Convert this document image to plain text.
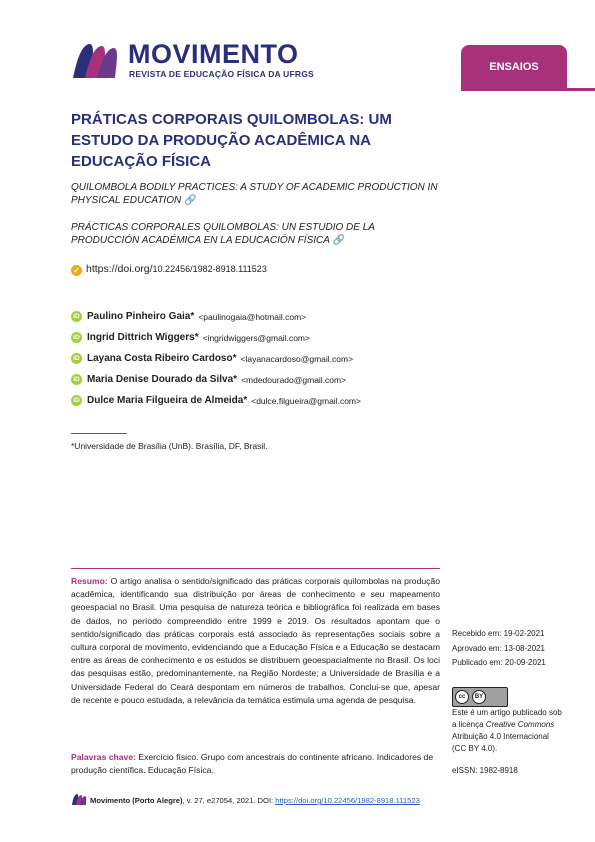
MOVIMENTO
REVISTA DE EDUCAÇÃO FÍSICA DA UFRGS
ENSAIOS
PRÁTICAS CORPORAIS QUILOMBOLAS: UM ESTUDO DA PRODUÇÃO ACADÊMICA NA EDUCAÇÃO FÍSICA
QUILOMBOLA BODILY PRACTICES: A STUDY OF ACADEMIC PRODUCTION IN PHYSICAL EDUCATION 🔗
PRÁCTICAS CORPORALES QUILOMBOLAS: UN ESTUDIO DE LA PRODUCCIÓN ACADÉMICA EN LA EDUCACIÓN FÍSICA 🔗
✓ https://doi.org/10.22456/1982-8918.111523
iD Paulino Pinheiro Gaia* <paulinogaia@hotmail.com>
iD Ingrid Dittrich Wiggers* <ingridwiggers@gmail.com>
iD Layana Costa Ribeiro Cardoso* <layanacardoso@gmail.com>
iD Maria Denise Dourado da Silva* <mdedourado@gmail.com>
iD Dulce Maria Filgueira de Almeida* <dulce.filgueira@gmail.com>
*Universidade de Brasília (UnB). Brasília, DF, Brasil.
Resumo: O artigo analisa o sentido/significado das práticas corporais quilombolas na produção acadêmica, identificando sua distribuição por áreas de conhecimento e seu mapeamento geoespacial no Brasil. Uma pesquisa de natureza teórica e bibliográfica foi realizada em bases de dados, no período compreendido entre 1999 e 2019. Os resultados apontam que o sentido/significado das práticas corporais está associado às representações sociais sobre a cultura corporal de movimento, evidenciando que a Educação Física e a Educação se destacam entre as áreas de conhecimento e os estudos se distribuem geoespacialmente no Brasil. Os loci das pesquisas estão, predominantemente, na Região Nordeste; a Universidade de Brasília e a Universidade Federal do Ceará despontam em números de trabalhos. Conclui-se que, apesar de recente e pouco estudada, a relevância da temática estimula uma agenda de pesquisa.
Palavras chave: Exercício físico. Grupo com ancestrais do continente africano. Indicadores de produção científica. Educação Física.
Recebido em: 19-02-2021
Aprovado em: 13-08-2021
Publicado em: 20-09-2021
cc	BY
Este é um artigo publicado sob a licença Creative Commons Atribuição 4.0 Internacional (CC BY 4.0).
eISSN: 1982-8918
Movimento (Porto Alegre), v. 27, e27054, 2021. DOI: https://doi.org/10.22456/1982-8918.111523
